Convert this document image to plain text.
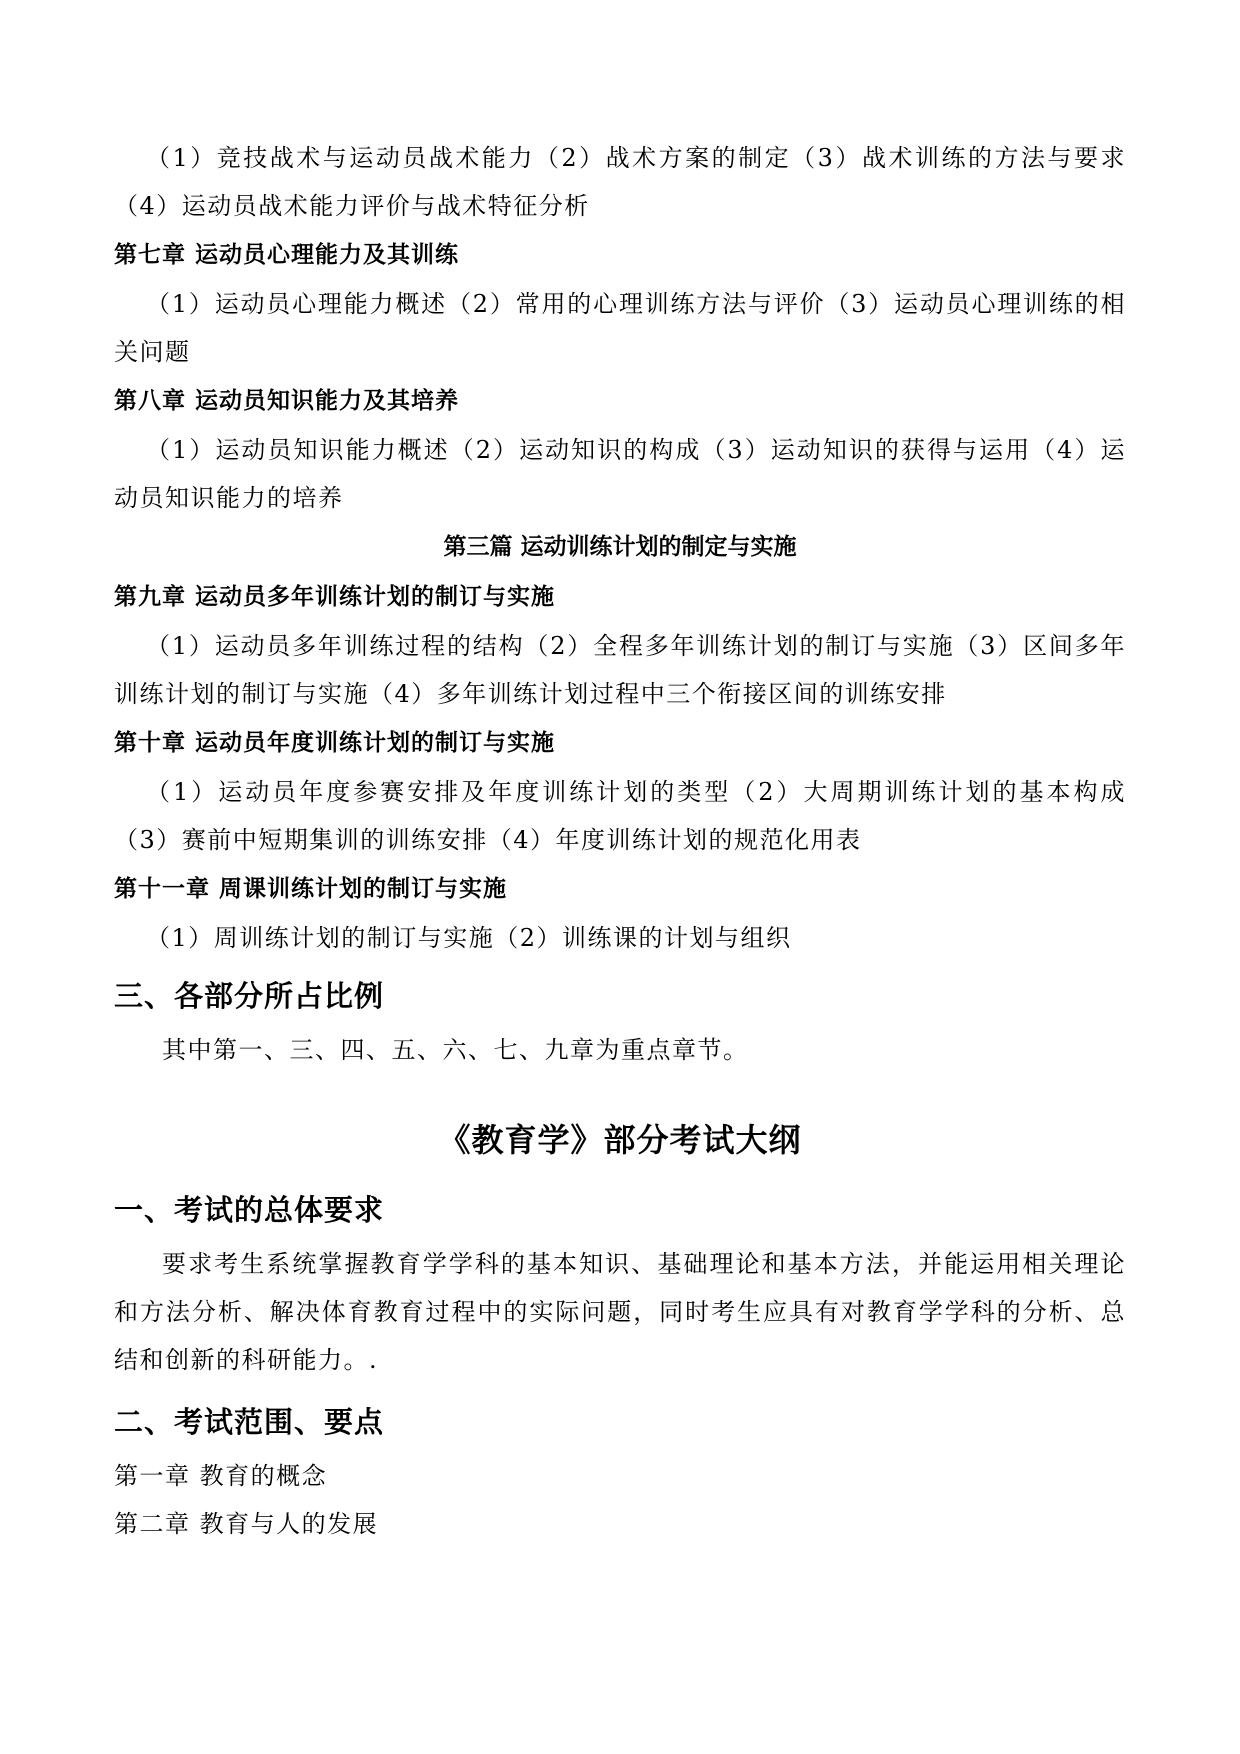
（1）竞技战术与运动员战术能力（2）战术方案的制定（3）战术训练的方法与要求（4）运动员战术能力评价与战术特征分析

第七章 运动员心理能力及其训练

（1）运动员心理能力概述（2）常用的心理训练方法与评价（3）运动员心理训练的相关问题

第八章 运动员知识能力及其培养

（1）运动员知识能力概述（2）运动知识的构成（3）运动知识的获得与运用（4）运动员知识能力的培养

第三篇 运动训练计划的制定与实施

第九章 运动员多年训练计划的制订与实施

（1）运动员多年训练过程的结构（2）全程多年训练计划的制订与实施（3）区间多年训练计划的制订与实施（4）多年训练计划过程中三个衔接区间的训练安排

第十章 运动员年度训练计划的制订与实施

（1）运动员年度参赛安排及年度训练计划的类型（2）大周期训练计划的基本构成（3）赛前中短期集训的训练安排（4）年度训练计划的规范化用表

第十一章 周课训练计划的制订与实施

（1）周训练计划的制订与实施（2）训练课的计划与组织

三、各部分所占比例

其中第一、三、四、五、六、七、九章为重点章节。

《教育学》部分考试大纲

一、考试的总体要求

要求考生系统掌握教育学学科的基本知识、基础理论和基本方法，并能运用相关理论和方法分析、解决体育教育过程中的实际问题，同时考生应具有对教育学学科的分析、总结和创新的科研能力。.

二、考试范围、要点

第一章 教育的概念

第二章 教育与人的发展
